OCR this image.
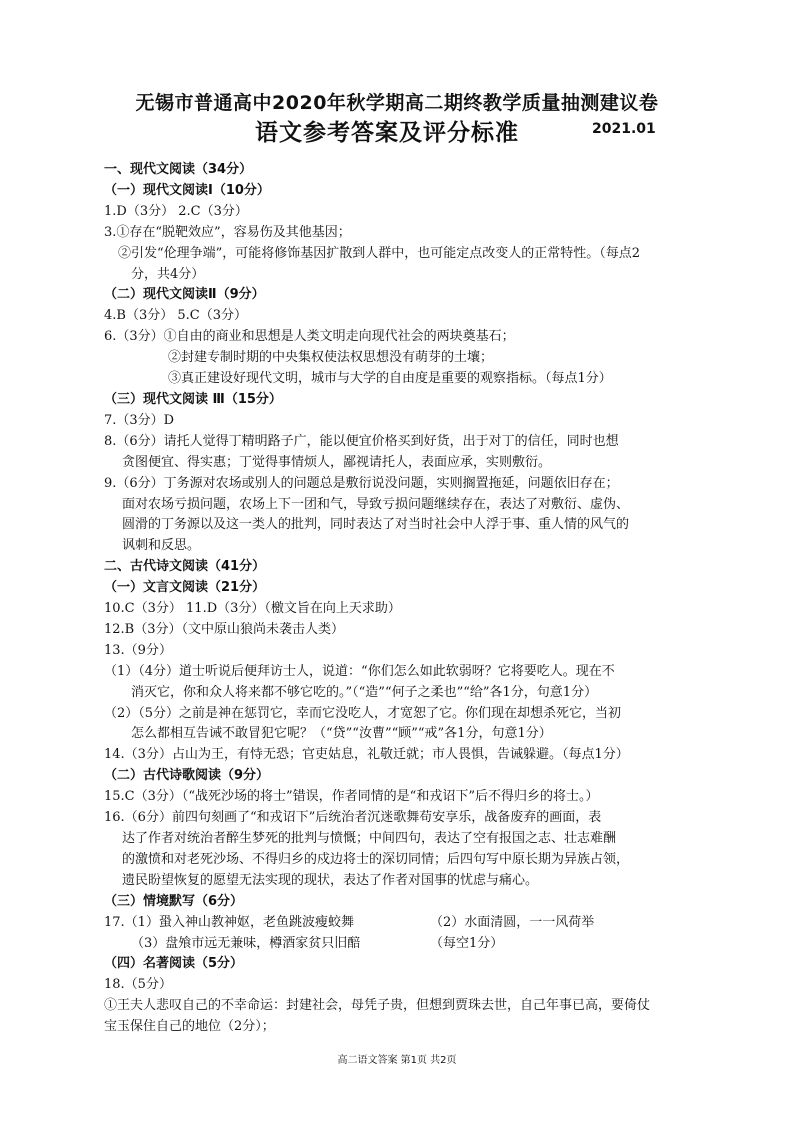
无锡市普通高中2020年秋学期高二期终教学质量抽测建议卷
语文参考答案及评分标准	2021.01
一、现代文阅读（34分）
（一）现代文阅读Ⅰ（10分）
1.D（3分） 2.C（3分）
3.①存在“脱靶效应”，容易伤及其他基因；
②引发“伦理争端”，可能将修饰基因扩散到人群中，也可能定点改变人的正常特性。（每点2
分，共4分）
（二）现代文阅读Ⅱ（9分）
4.B（3分） 5.C（3分）
6.（3分）①自由的商业和思想是人类文明走向现代社会的两块奠基石；
②封建专制时期的中央集权使法权思想没有萌芽的土壤；
③真正建设好现代文明，城市与大学的自由度是重要的观察指标。（每点1分）
（三）现代文阅读 Ⅲ（15分）
7.（3分）D
8.（6分）请托人觉得丁精明路子广，能以便宜价格买到好货，出于对丁的信任，同时也想
贪图便宜、得实惠；丁觉得事情烦人，鄙视请托人，表面应承，实则敷衍。
9.（6分）丁务源对农场或别人的问题总是敷衍说没问题，实则搁置拖延，问题依旧存在；
面对农场亏损问题，农场上下一团和气，导致亏损问题继续存在，表达了对敷衍、虚伪、
圆滑的丁务源以及这一类人的批判，同时表达了对当时社会中人浮于事、重人情的风气的
讽刺和反思。
二、古代诗文阅读（41分）
（一）文言文阅读（21分）
10.C（3分） 11.D（3分）（檄文旨在向上天求助）
12.B（3分）（文中原山狼尚未袭击人类）
13.（9分）
（1）（4分）道士听说后便拜访士人，说道：“你们怎么如此软弱呀？它将要吃人。现在不
消灭它，你和众人将来都不够它吃的。”（“造”“何子之柔也”“给”各1分，句意1分）
（2）（5分）之前是神在惩罚它，幸而它没吃人，才宽恕了它。你们现在却想杀死它，当初
怎么都相互告诫不敢冒犯它呢？（“贷”“汝曹”“顾”“戒”各1分，句意1分）
14.（3分）占山为王，有恃无恐；官吏姑息，礼敬迁就；市人畏惧，告诫躲避。（每点1分）
（二）古代诗歌阅读（9分）
15.C（3分）（“战死沙场的将士”错误，作者同情的是“和戎诏下”后不得归乡的将士。）
16.（6分）前四句刻画了“和戎诏下”后统治者沉迷歌舞苟安享乐，战备废弃的画面，表
达了作者对统治者醉生梦死的批判与愤慨；中间四句，表达了空有报国之志、壮志难酬
的激愤和对老死沙场、不得归乡的戍边将士的深切同情；后四句写中原长期为异族占领，
遗民盼望恢复的愿望无法实现的现状，表达了作者对国事的忧虑与痛心。
（三）情境默写（6分）
17.（1）蛩入神山教神妪，老鱼跳波瘦蛟舞	（2）水面清圆，一一风荷举
（3）盘飧市远无兼味，樽酒家贫只旧醅	（每空1分）
（四）名著阅读（5分）
18.（5分）
①王夫人悲叹自己的不幸命运：封建社会，母凭子贵，但想到贾珠去世，自己年事已高，要倚仗
宝玉保住自己的地位（2分）；
高二语文答案 第1页 共2页
